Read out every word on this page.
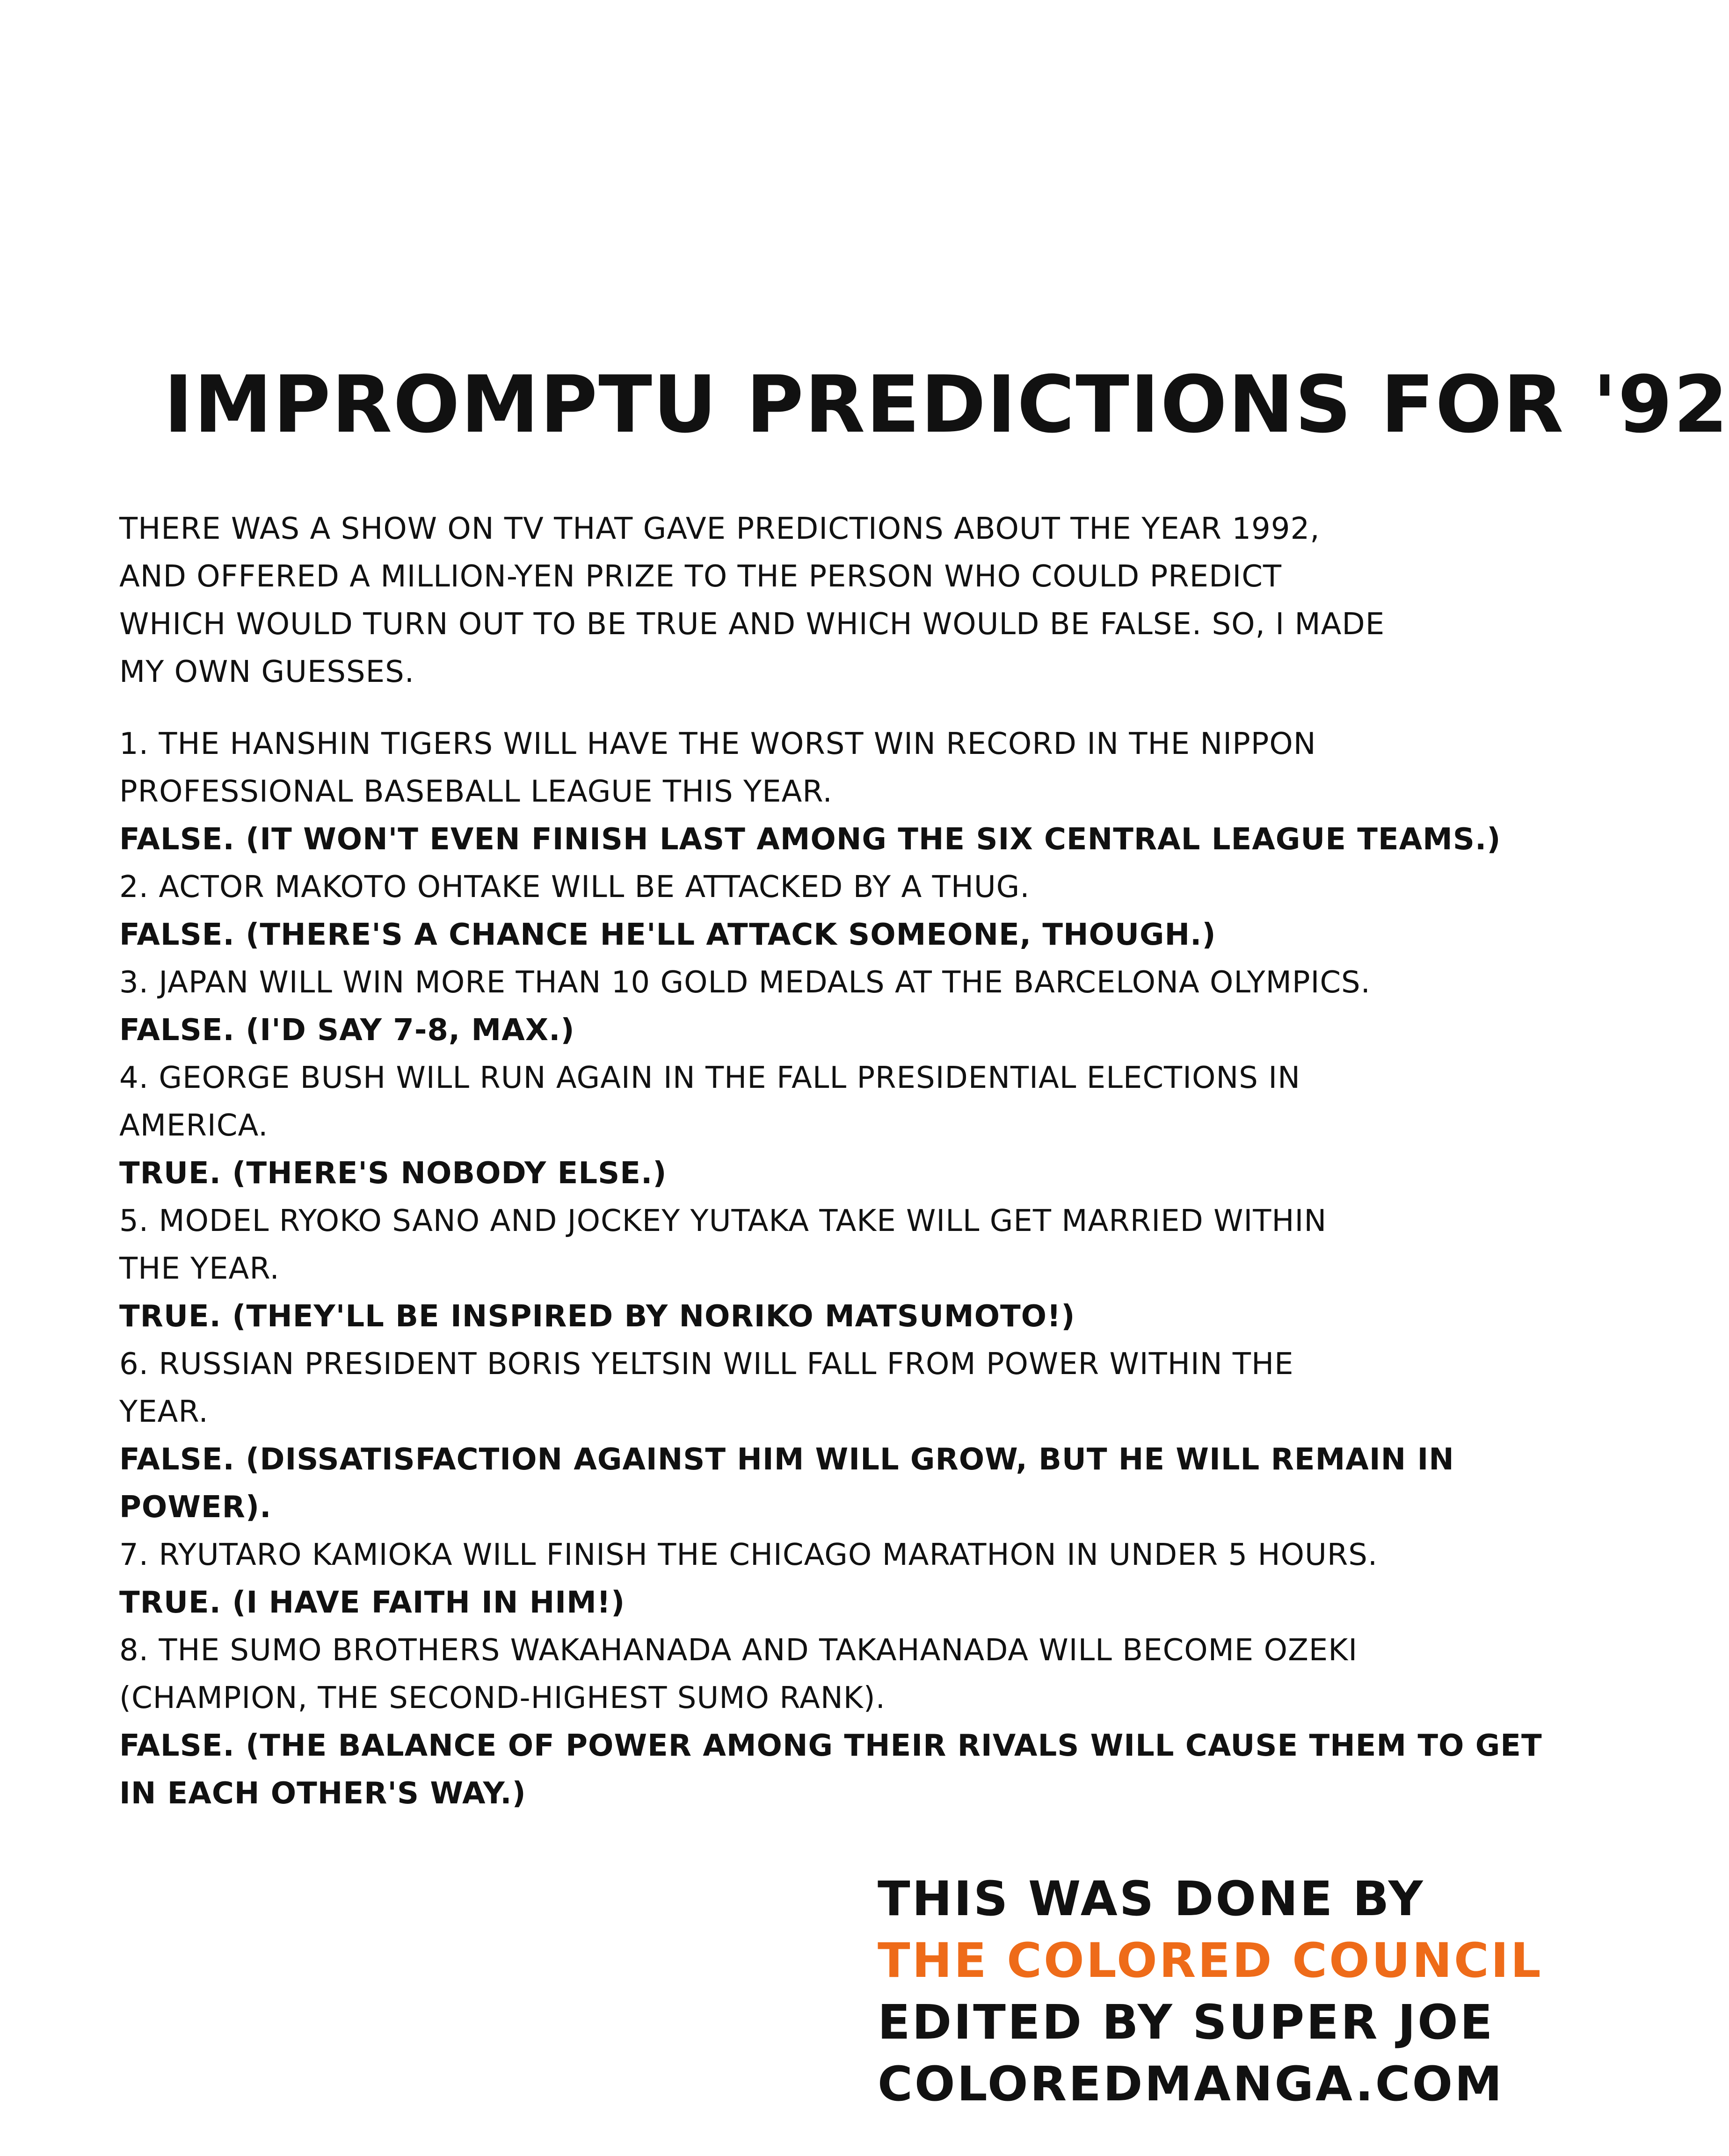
IMPROMPTU PREDICTIONS FOR '92
THERE WAS A SHOW ON TV THAT GAVE PREDICTIONS ABOUT THE YEAR 1992,
AND OFFERED A MILLION-YEN PRIZE TO THE PERSON WHO COULD PREDICT
WHICH WOULD TURN OUT TO BE TRUE AND WHICH WOULD BE FALSE. SO, I MADE
MY OWN GUESSES.
1. THE HANSHIN TIGERS WILL HAVE THE WORST WIN RECORD IN THE NIPPON
PROFESSIONAL BASEBALL LEAGUE THIS YEAR.
FALSE. (IT WON'T EVEN FINISH LAST AMONG THE SIX CENTRAL LEAGUE TEAMS.)
2. ACTOR MAKOTO OHTAKE WILL BE ATTACKED BY A THUG.
FALSE. (THERE'S A CHANCE HE'LL ATTACK SOMEONE, THOUGH.)
3. JAPAN WILL WIN MORE THAN 10 GOLD MEDALS AT THE BARCELONA OLYMPICS.
FALSE. (I'D SAY 7-8, MAX.)
4. GEORGE BUSH WILL RUN AGAIN IN THE FALL PRESIDENTIAL ELECTIONS IN
AMERICA.
TRUE. (THERE'S NOBODY ELSE.)
5. MODEL RYOKO SANO AND JOCKEY YUTAKA TAKE WILL GET MARRIED WITHIN
THE YEAR.
TRUE. (THEY'LL BE INSPIRED BY NORIKO MATSUMOTO!)
6. RUSSIAN PRESIDENT BORIS YELTSIN WILL FALL FROM POWER WITHIN THE
YEAR.
FALSE. (DISSATISFACTION AGAINST HIM WILL GROW, BUT HE WILL REMAIN IN
POWER).
7. RYUTARO KAMIOKA WILL FINISH THE CHICAGO MARATHON IN UNDER 5 HOURS.
TRUE. (I HAVE FAITH IN HIM!)
8. THE SUMO BROTHERS WAKAHANADA AND TAKAHANADA WILL BECOME OZEKI
(CHAMPION, THE SECOND-HIGHEST SUMO RANK).
FALSE. (THE BALANCE OF POWER AMONG THEIR RIVALS WILL CAUSE THEM TO GET
IN EACH OTHER'S WAY.)
THIS WAS DONE BY
THE COLORED COUNCIL
EDITED BY SUPER JOE
COLOREDMANGA.COM
